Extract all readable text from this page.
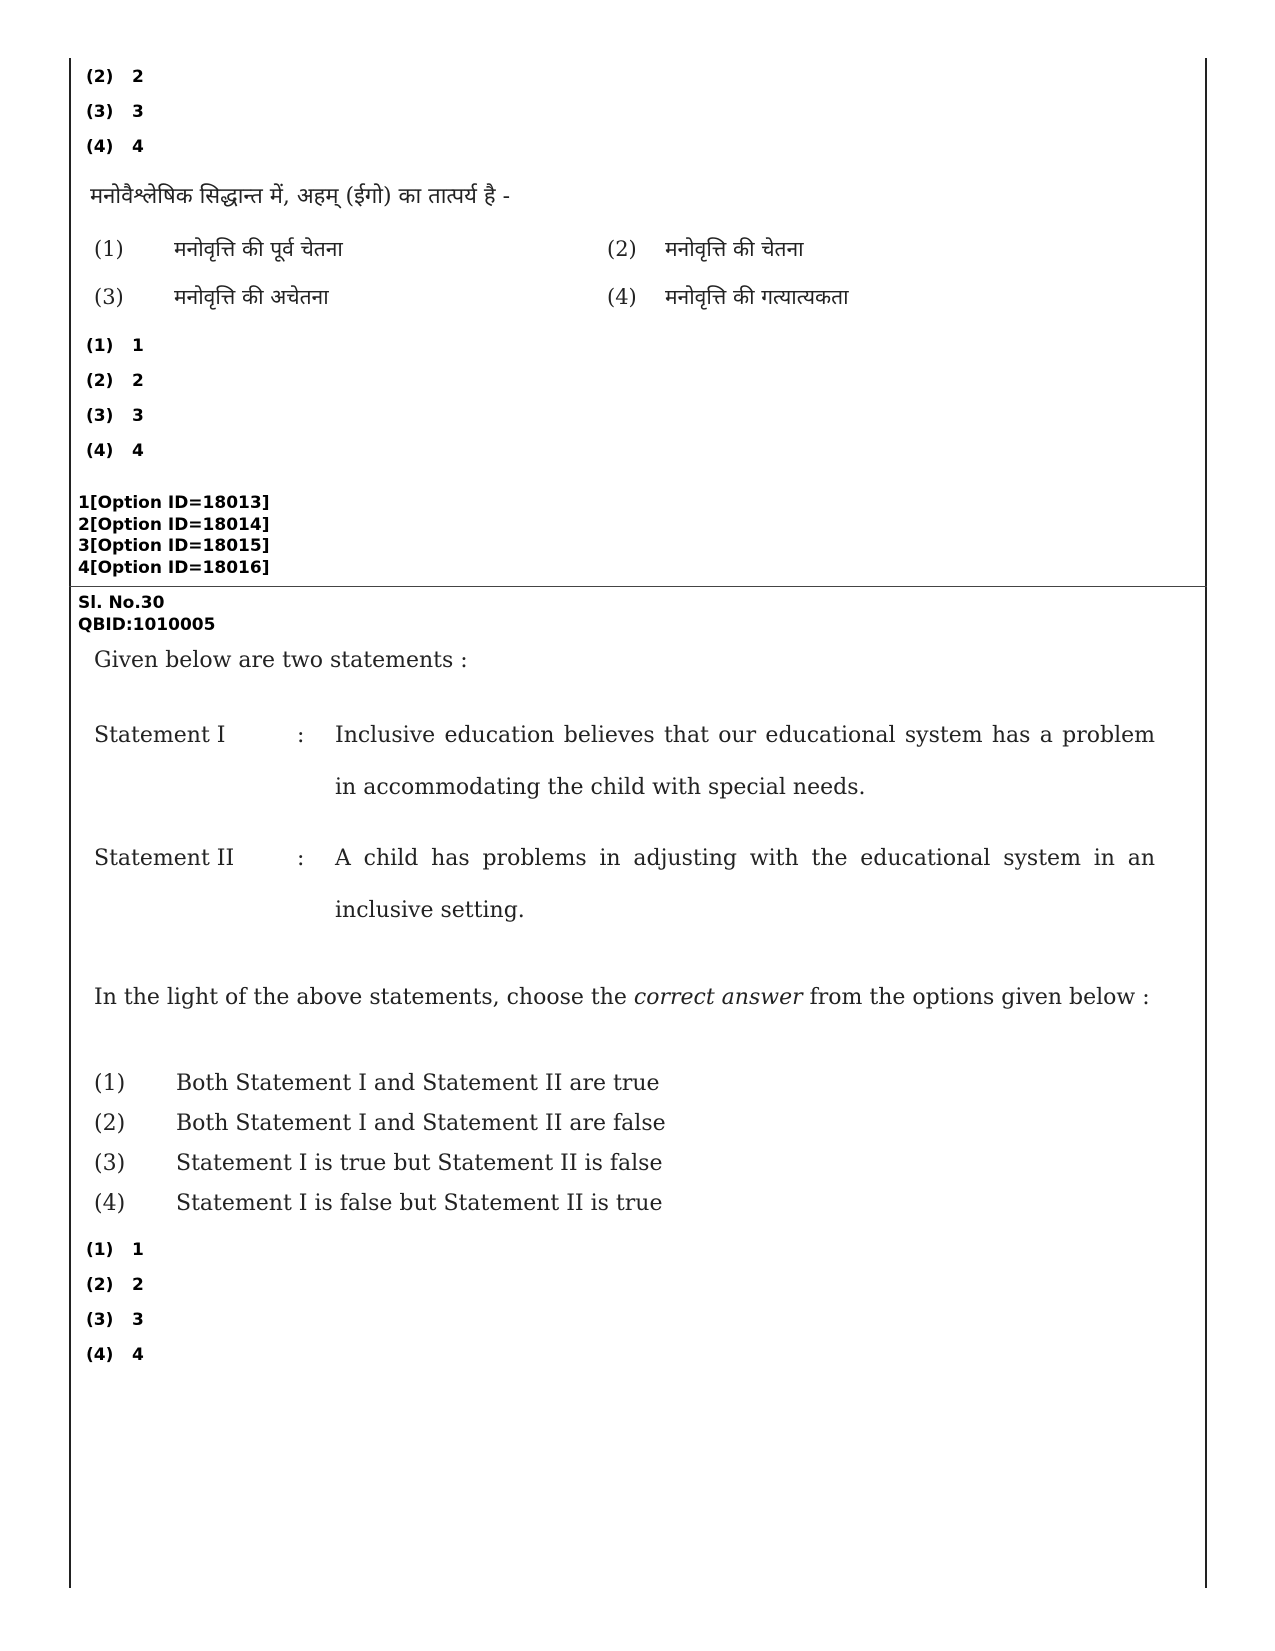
(2) 2
(3) 3
(4) 4
मनोवैश्लेषिक सिद्धान्त में, अहम् (ईगो) का तात्पर्य है -
(1) मनोवृत्ति की पूर्व चेतना	(2) मनोवृत्ति की चेतना
(3) मनोवृत्ति की अचेतना	(4) मनोवृत्ति की गत्यात्यकता
(1) 1
(2) 2
(3) 3
(4) 4
1[Option ID=18013]
2[Option ID=18014]
3[Option ID=18015]
4[Option ID=18016]
Sl. No.30
QBID:1010005
Given below are two statements :
Statement I	: Inclusive education believes that our educational system has a problem in accommodating the child with special needs.
Statement II	: A child has problems in adjusting with the educational system in an inclusive setting.
In the light of the above statements, choose the correct answer from the options given below :
(1) Both Statement I and Statement II are true
(2) Both Statement I and Statement II are false
(3) Statement I is true but Statement II is false
(4) Statement I is false but Statement II is true
(1) 1
(2) 2
(3) 3
(4) 4
